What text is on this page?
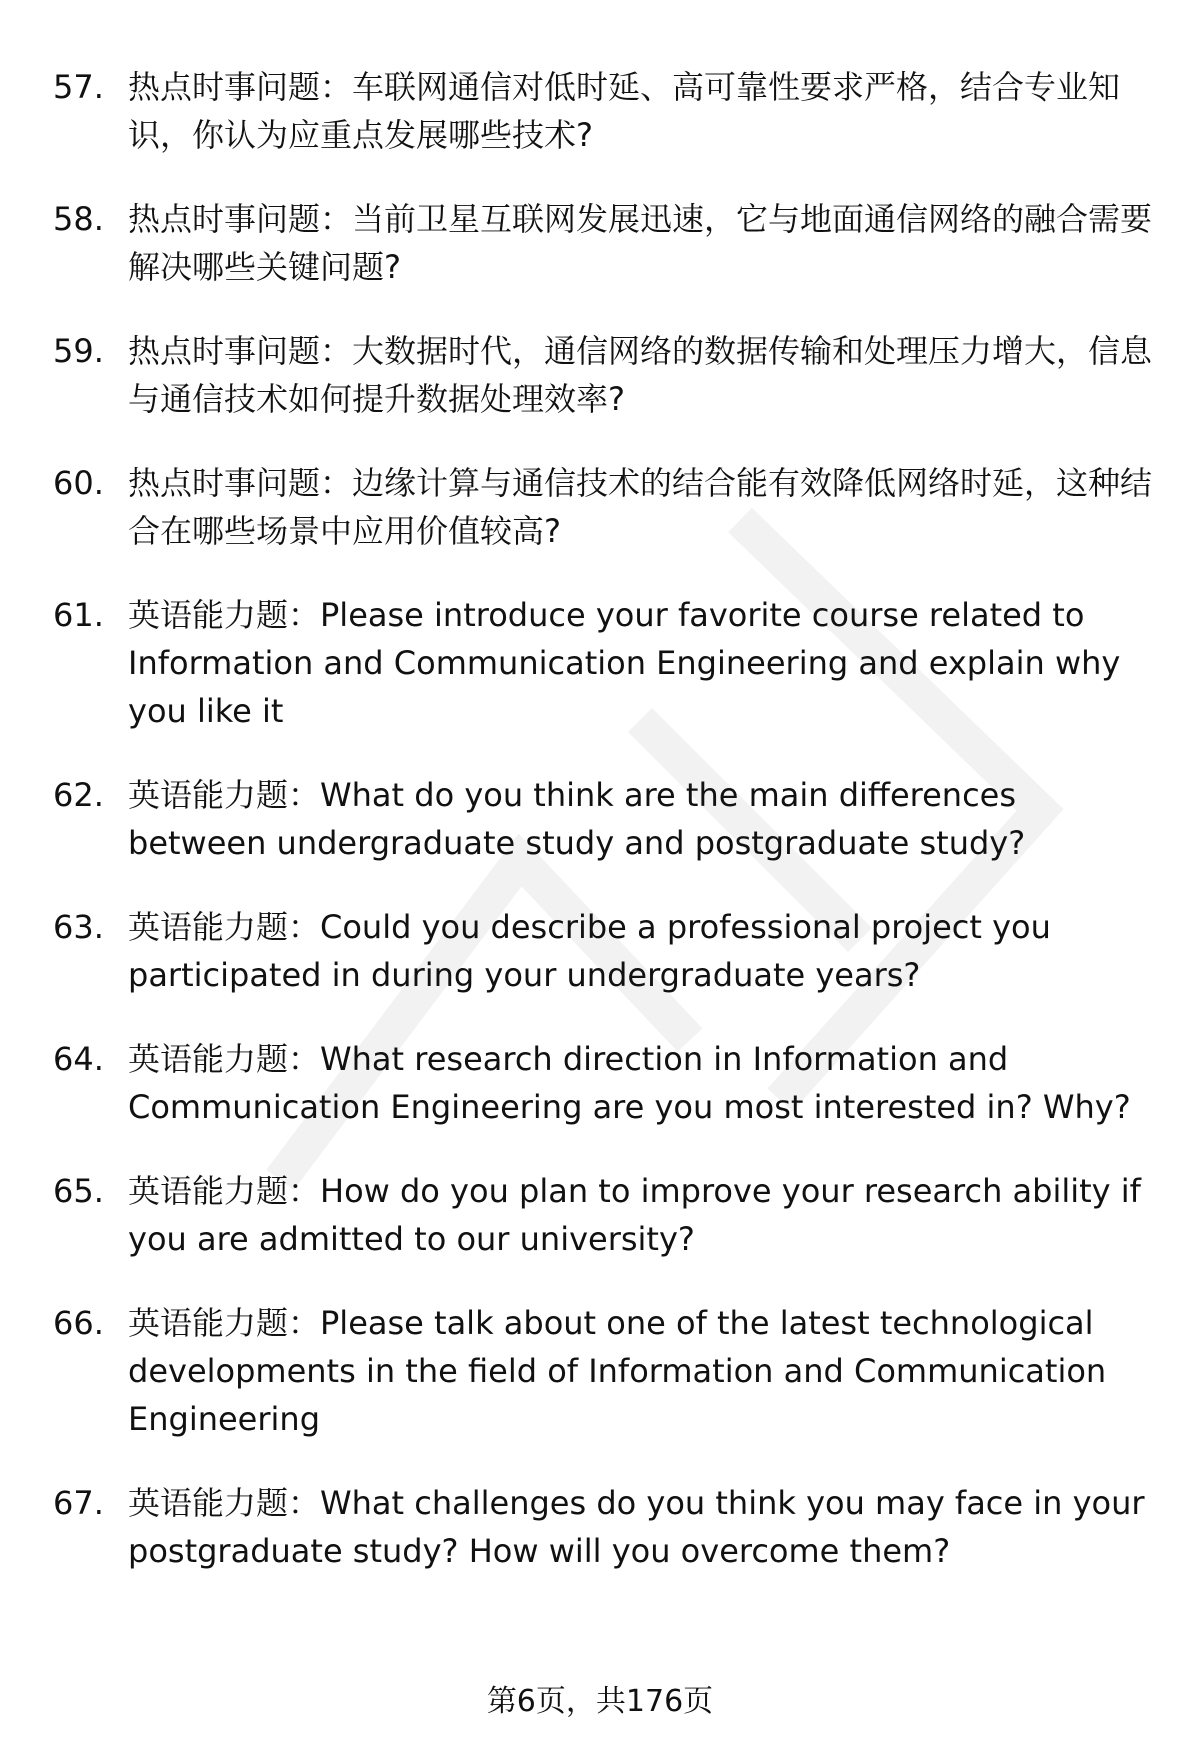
57. 热点时事问题：车联网通信对低时延、高可靠性要求严格，结合专业知识，你认为应重点发展哪些技术?
58. 热点时事问题：当前卫星互联网发展迅速，它与地面通信网络的融合需要解决哪些关键问题?
59. 热点时事问题：大数据时代，通信网络的数据传输和处理压力增大，信息与通信技术如何提升数据处理效率?
60. 热点时事问题：边缘计算与通信技术的结合能有效降低网络时延，这种结合在哪些场景中应用价值较高?
61. 英语能力题：Please introduce your favorite course related to Information and Communication Engineering and explain why you like it
62. 英语能力题：What do you think are the main differences between undergraduate study and postgraduate study?
63. 英语能力题：Could you describe a professional project you participated in during your undergraduate years?
64. 英语能力题：What research direction in Information and Communication Engineering are you most interested in? Why?
65. 英语能力题：How do you plan to improve your research ability if you are admitted to our university?
66. 英语能力题：Please talk about one of the latest technological developments in the field of Information and Communication Engineering
67. 英语能力题：What challenges do you think you may face in your postgraduate study? How will you overcome them?
第6页，共176页
